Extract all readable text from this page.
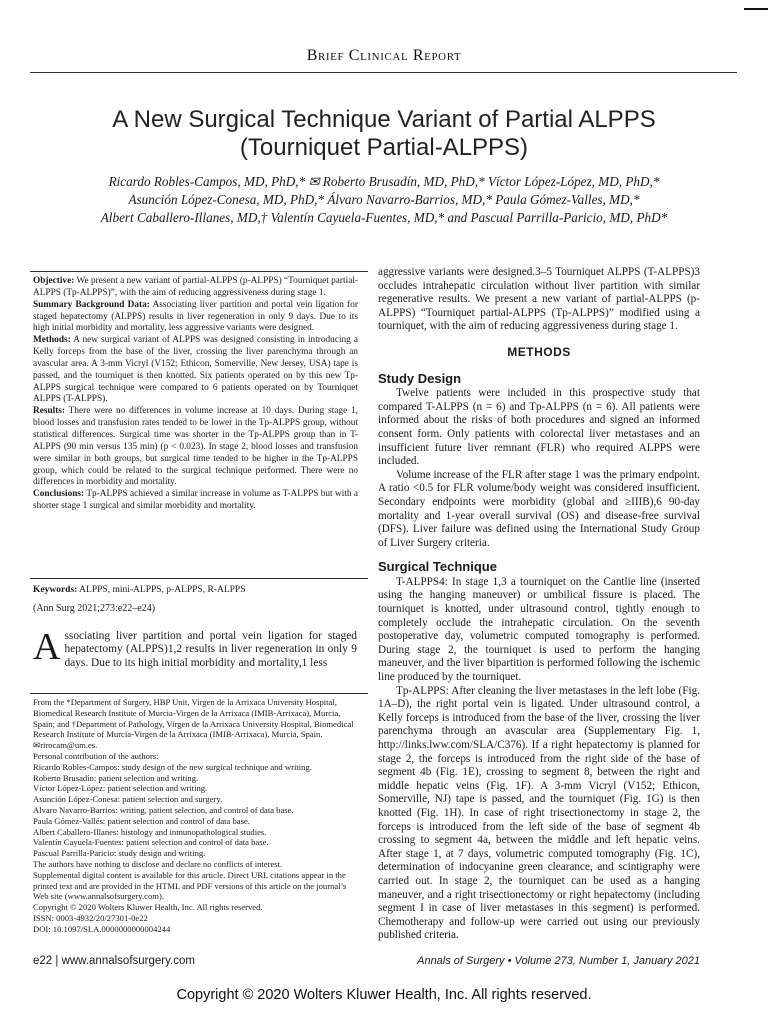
Brief Clinical Report
A New Surgical Technique Variant of Partial ALPPS
(Tourniquet Partial-ALPPS)
Ricardo Robles-Campos, MD, PhD,* ✉ Roberto Brusadín, MD, PhD,* Víctor López-López, MD, PhD,*
Asunción López-Conesa, MD, PhD,* Álvaro Navarro-Barrios, MD,* Paula Gómez-Valles, MD,*
Albert Caballero-Illanes, MD,† Valentín Cayuela-Fuentes, MD,* and Pascual Parrilla-Paricio, MD, PhD*

Objective: We present a new variant of partial-ALPPS (p-ALPPS) “Tourniquet partial-ALPPS (Tp-ALPPS)”, with the aim of reducing aggressiveness during stage 1.

Summary Background Data: Associating liver partition and portal vein ligation for staged hepatectomy (ALPPS) results in liver regeneration in only 9 days. Due to its high initial morbidity and mortality, less aggressive variants were designed.

Methods: A new surgical variant of ALPPS was designed consisting in introducing a Kelly forceps from the base of the liver, crossing the liver parenchyma through an avascular area. A 3-mm Vicryl (V152; Ethicon, Somerville, New Jersey, USA) tape is passed, and the tourniquet is then knotted. Six patients operated on by this new Tp-ALPPS surgical technique were compared to 6 patients operated on by Tourniquet ALPPS (T-ALPPS).

Results: There were no differences in volume increase at 10 days. During stage 1, blood losses and transfusion rates tended to be lower in the Tp-ALPPS group, without statistical differences. Surgical time was shorter in the Tp-ALPPS group than in T-ALPPS (90 min versus 135 min) (p < 0.023). In stage 2, blood losses and transfusion were similar in both groups, but surgical time tended to be higher in the Tp-ALPPS group, which could be related to the surgical technique performed. There were no differences in morbidity and mortality.

Conclusions: Tp-ALPPS achieved a similar increase in volume as T-ALPPS but with a shorter stage 1 surgical and similar morbidity and mortality.

Keywords: ALPPS, mini-ALPPS, p-ALPPS, R-ALPPS
(Ann Surg 2021;273:e22–e24)
Associating liver partition and portal vein ligation for staged hepatectomy (ALPPS)1,2 results in liver regeneration in only 9 days. Due to its high initial morbidity and mortality,1 less
From the *Department of Surgery, HBP Unit, Virgen de la Arrixaca University Hospital, Biomedical Research Institute of Murcia-Virgen de la Arrixaca (IMIB-Arrixaca), Murcia, Spain; and †Department of Pathology, Virgen de la Arrixaca University Hospital, Biomedical Research Institute of Murcia-Virgen de la Arrixaca (IMIB-Arrixaca), Murcia, Spain.
✉rirocam@um.es.
Personal contribution of the authors:
Ricardo Robles-Campos: study design of the new surgical technique and writing.
Roberto Brusadín: patient selection and writing.
Víctor López-López: patient selection and writing.
Asunción López-Conesa: patient selection and surgery.
Alvaro Navarro-Barrios: writing, patient selection, and control of data base.
Paula Gómez-Vallés: patient selection and control of data base.
Albert Caballero-Illanes: histology and inmunopathological studies.
Valentín Cayuela-Fuentes: patient selection and control of data base.
Pascual Parrilla-Paricio: study design and writing.
The authors have nothing to disclose and declare no conflicts of interest.
Supplemental digital content is available for this article. Direct URL citations appear in the printed text and are provided in the HTML and PDF versions of this article on the journal’s Web site (www.annalsofsurgery.com).
Copyright © 2020 Wolters Kluwer Health, Inc. All rights reserved.
ISSN: 0003-4932/20/27301-0e22
DOI: 10.1097/SLA.0000000000004244

aggressive variants were designed.3–5 Tourniquet ALPPS (T-ALPPS)3 occludes intrahepatic circulation without liver partition with similar regenerative results. We present a new variant of partial-ALPPS (p-ALPPS) “Tourniquet partial-ALPPS (Tp-ALPPS)” modified using a tourniquet, with the aim of reducing aggressiveness during stage 1.

METHODS

Study Design

Twelve patients were included in this prospective study that compared T-ALPPS (n = 6) and Tp-ALPPS (n = 6). All patients were informed about the risks of both procedures and signed an informed consent form. Only patients with colorectal liver metastases and an insufficient future liver remnant (FLR) who required ALPPS were included.

Volume increase of the FLR after stage 1 was the primary endpoint. A ratio <0.5 for FLR volume/body weight was considered insufficient. Secondary endpoints were morbidity (global and ≥IIIB),6 90-day mortality and 1-year overall survival (OS) and disease-free survival (DFS). Liver failure was defined using the International Study Group of Liver Surgery criteria.

Surgical Technique

T-ALPPS4: In stage 1,3 a tourniquet on the Cantlie line (inserted using the hanging maneuver) or umbilical fissure is placed. The tourniquet is knotted, under ultrasound control, tightly enough to completely occlude the intrahepatic circulation. On the seventh postoperative day, volumetric computed tomography is performed. During stage 2, the tourniquet is used to perform the hanging maneuver, and the liver bipartition is performed following the ischemic line produced by the tourniquet.

Tp-ALPPS: After cleaning the liver metastases in the left lobe (Fig. 1A–D), the right portal vein is ligated. Under ultrasound control, a Kelly forceps is introduced from the base of the liver, crossing the liver parenchyma through an avascular area (Supplementary Fig. 1, http://links.lww.com/SLA/C376). If a right hepatectomy is planned for stage 2, the forceps is introduced from the right side of the base of segment 4b (Fig. 1E), crossing to segment 8, between the right and middle hepatic veins (Fig. 1F). A 3-mm Vicryl (V152; Ethicon, Somerville, NJ) tape is passed, and the tourniquet (Fig. 1G) is then knotted (Fig. 1H). In case of right trisectionectomy in stage 2, the forceps is introduced from the left side of the base of segment 4b crossing to segment 4a, between the middle and left hepatic veins. After stage 1, at 7 days, volumetric computed tomography (Fig. 1C), determination of indocyanine green clearance, and scintigraphy were carried out. In stage 2, the tourniquet can be used as a hanging maneuver, and a right trisectionectomy or right hepatectomy (including segment I in case of liver metastases in this segment) is performed. Chemotherapy and follow-up were carried out using our previously published criteria.

e22 | www.annalsofsurgery.com	Annals of Surgery • Volume 273, Number 1, January 2021
Copyright © 2020 Wolters Kluwer Health, Inc. All rights reserved.
